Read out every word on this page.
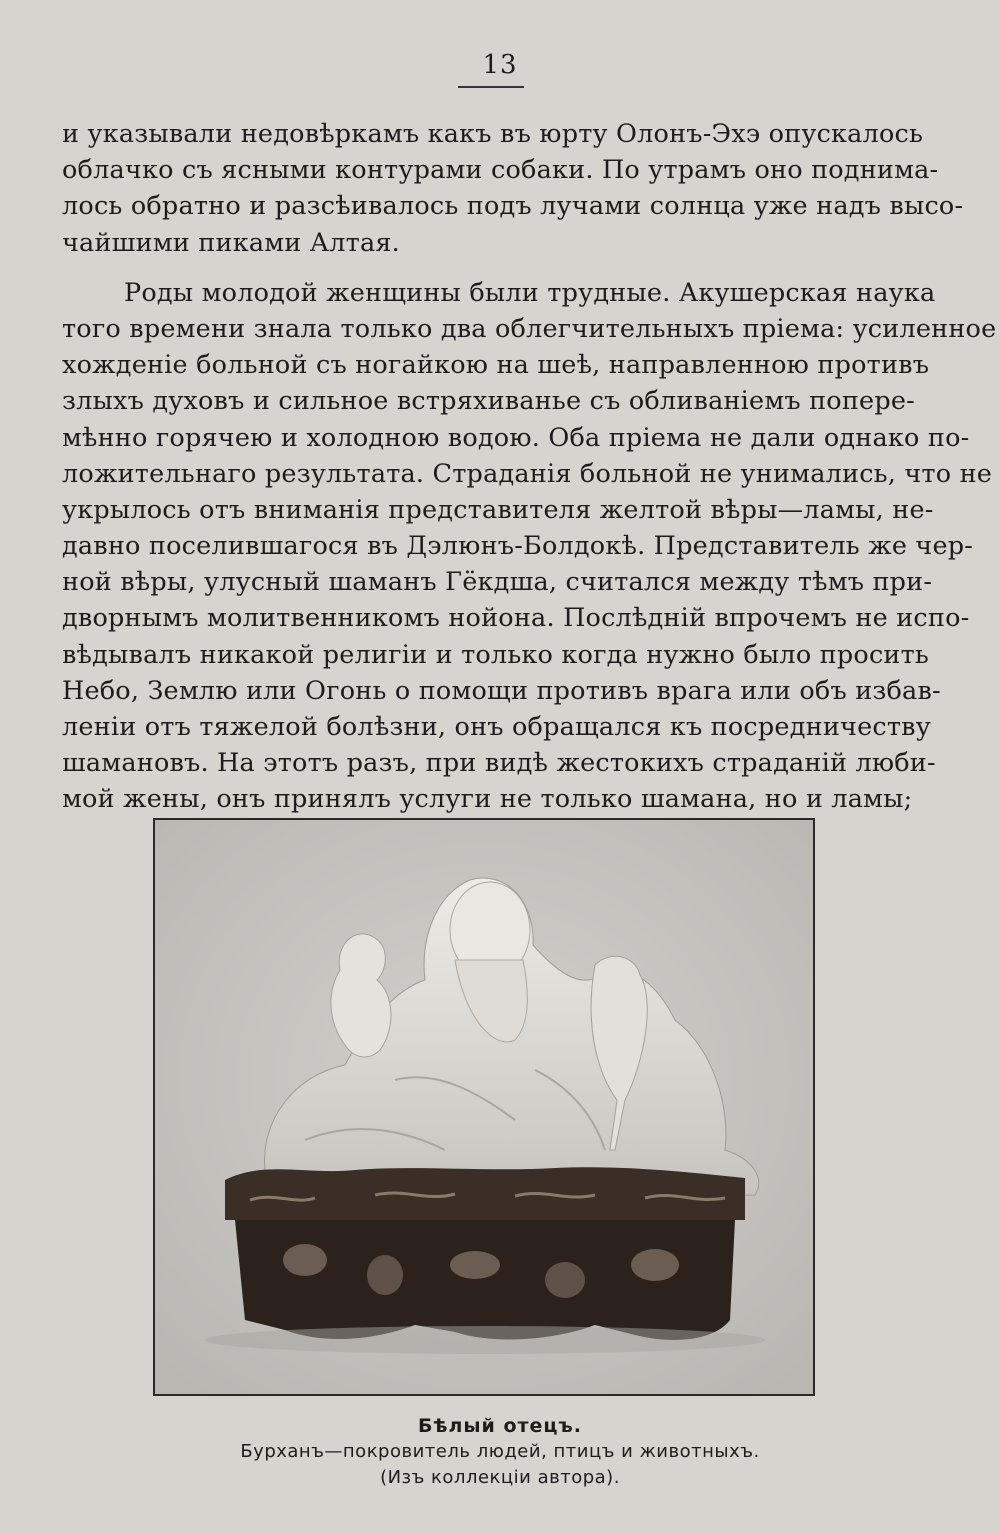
13
и указывали недовѣркамъ какъ въ юрту Олонъ-Эхэ опускалось
облачко съ ясными контурами собаки. По утрамъ оно поднима-
лось обратно и разсѣивалось подъ лучами солнца уже надъ высо-
чайшими пиками Алтая.
Роды молодой женщины были трудные. Акушерская наука
того времени знала только два облегчительныхъ пріема: усиленное
хожденіе больной съ ногайкою на шеѣ, направленною противъ
злыхъ духовъ и сильное встряхиванье съ обливаніемъ попере-
мѣнно горячею и холодною водою. Оба пріема не дали однако по-
ложительнаго результата. Страданія больной не унимались, что не
укрылось отъ вниманія представителя желтой вѣры—ламы, не-
давно поселившагося въ Дэлюнъ-Болдокѣ. Представитель же чер-
ной вѣры, улусный шаманъ Гёкдша, считался между тѣмъ при-
дворнымъ молитвенникомъ нойона. Послѣдній впрочемъ не испо-
вѣдывалъ никакой религіи и только когда нужно было просить
Небо, Землю или Огонь о помощи противъ врага или объ избав-
леніи отъ тяжелой болѣзни, онъ обращался къ посредничеству
шамановъ. На этотъ разъ, при видѣ жестокихъ страданій люби-
мой жены, онъ принялъ услуги не только шамана, но и ламы;
Бѣлый отецъ.
Бурханъ—покровитель людей, птицъ и животныхъ.
(Изъ коллекціи автора).
